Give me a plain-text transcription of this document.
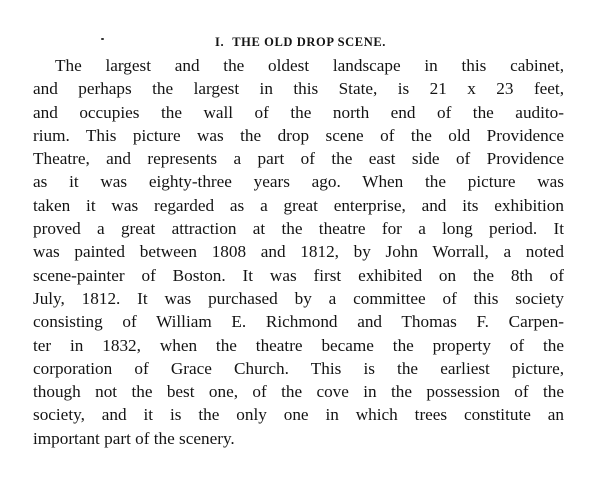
I. THE OLD DROP SCENE.
The largest and the oldest landscape in this cabinet,
and perhaps the largest in this State, is 21 x 23 feet,
and occupies the wall of the north end of the audito-
rium. This picture was the drop scene of the old Providence
Theatre, and represents a part of the east side of Providence
as it was eighty-three years ago. When the picture was
taken it was regarded as a great enterprise, and its exhibition
proved a great attraction at the theatre for a long period. It
was painted between 1808 and 1812, by John Worrall, a noted
scene-painter of Boston. It was first exhibited on the 8th of
July, 1812. It was purchased by a committee of this society
consisting of William E. Richmond and Thomas F. Carpen-
ter in 1832, when the theatre became the property of the
corporation of Grace Church. This is the earliest picture,
though not the best one, of the cove in the possession of the
society, and it is the only one in which trees constitute an
important part of the scenery.
